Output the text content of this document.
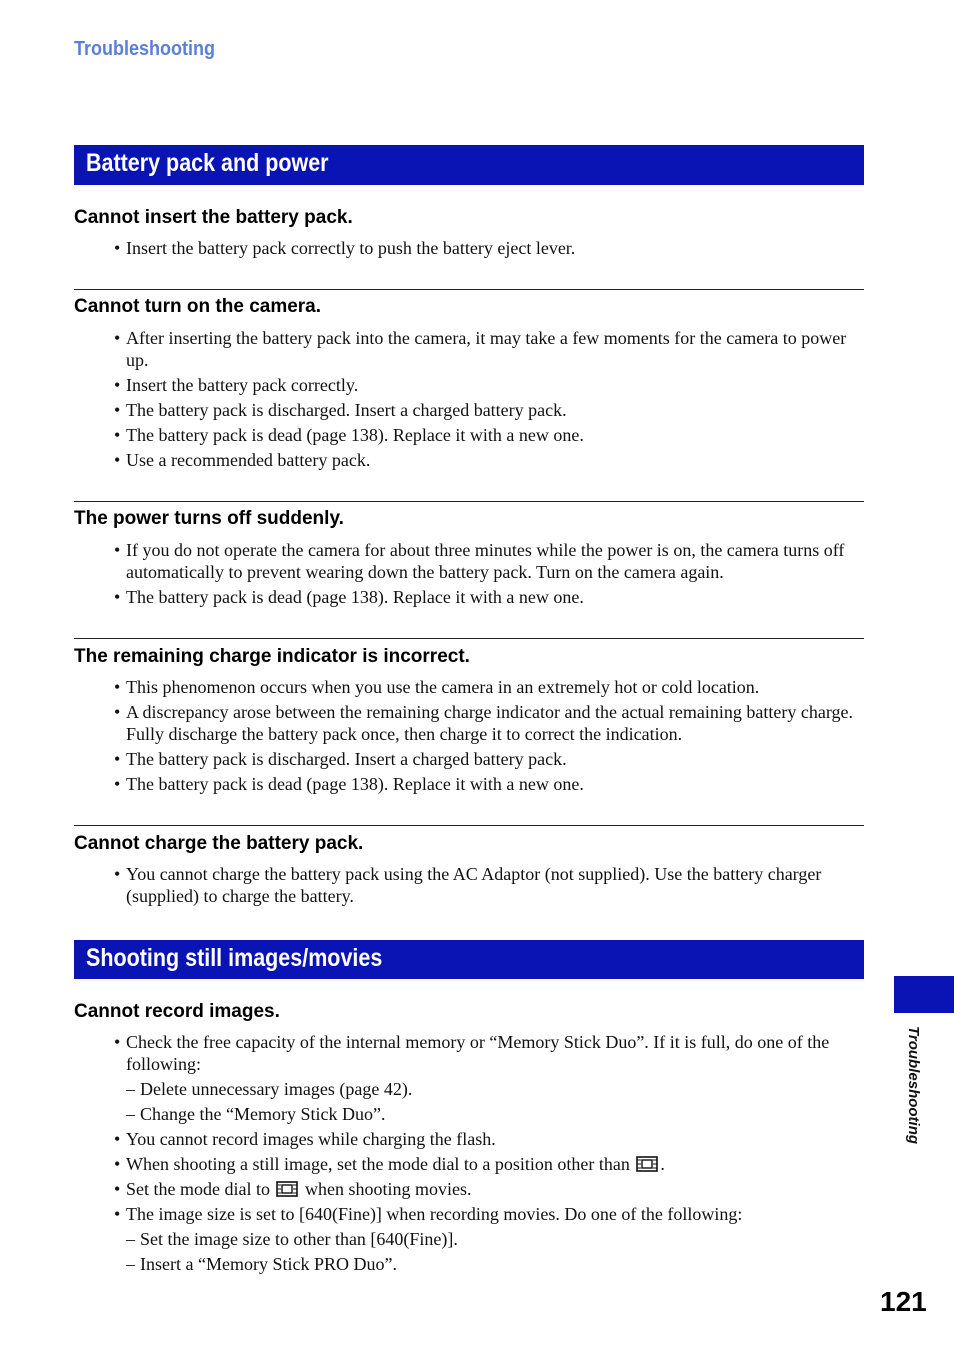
Troubleshooting
Battery pack and power
Cannot insert the battery pack.
• Insert the battery pack correctly to push the battery eject lever.
Cannot turn on the camera.
• After inserting the battery pack into the camera, it may take a few moments for the camera to power up.
• Insert the battery pack correctly.
• The battery pack is discharged. Insert a charged battery pack.
• The battery pack is dead (page 138). Replace it with a new one.
• Use a recommended battery pack.
The power turns off suddenly.
• If you do not operate the camera for about three minutes while the power is on, the camera turns off automatically to prevent wearing down the battery pack. Turn on the camera again.
• The battery pack is dead (page 138). Replace it with a new one.
The remaining charge indicator is incorrect.
• This phenomenon occurs when you use the camera in an extremely hot or cold location.
• A discrepancy arose between the remaining charge indicator and the actual remaining battery charge. Fully discharge the battery pack once, then charge it to correct the indication.
• The battery pack is discharged. Insert a charged battery pack.
• The battery pack is dead (page 138). Replace it with a new one.
Cannot charge the battery pack.
• You cannot charge the battery pack using the AC Adaptor (not supplied). Use the battery charger (supplied) to charge the battery.
Shooting still images/movies
Cannot record images.
• Check the free capacity of the internal memory or “Memory Stick Duo”. If it is full, do one of the following:
– Delete unnecessary images (page 42).
– Change the “Memory Stick Duo”.
• You cannot record images while charging the flash.
• When shooting a still image, set the mode dial to a position other than .
• Set the mode dial to when shooting movies.
• The image size is set to [640(Fine)] when recording movies. Do one of the following:
– Set the image size to other than [640(Fine)].
– Insert a “Memory Stick PRO Duo”.
Troubleshooting
121
